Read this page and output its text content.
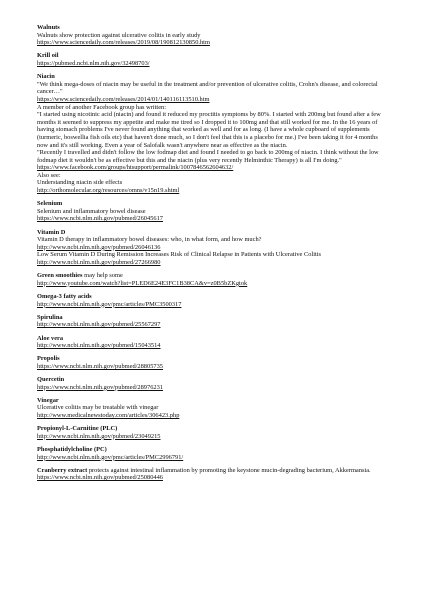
Walnuts
Walnuts show protection against ulcerative colitis in early study
https://www.sciencedaily.com/releases/2019/08/190812130850.htm
Krill oil
https://pubmed.ncbi.nlm.nih.gov/32498703/
Niacin

"We think mega-doses of niacin may be useful in the treatment and/or prevention of ulcerative colitis, Crohn's disease, and colorectal cancer…"

https://www.sciencedaily.com/releases/2014/01/140116113510.htm
A member of another Facebook group has written:

"I started using nicotinic acid (niacin) and found it reduced my proctitis symptoms by 80%. I started with 200mg but found after a few months it seemed to suppress my appetite and make me tired so I dropped it to 100mg and that still worked for me. In the 16 years of having stomach problems I've never found anything that worked as well and for as long. (I have a whole cupboard of supplements (turmeric, boswellia fish oils etc) that haven't done much, so I don't feel that this is a placebo for me.) I've been taking it for 4 months now and it's still working. Even a year of Salofalk wasn't anywhere near as effective as the niacin.

"Recently I travelled and didn't follow the low fodmap diet and found I needed to go back to 200mg of niacin. I think without the low fodmap diet it wouldn't be as effective but this and the niacin (plus very recently Helminthic Therapy) is all I'm doing."

https://www.facebook.com/groups/htsupport/permalink/1007846562604632/
Also see:
Understanding niacin side effects
http://orthomolecular.org/resources/omns/v15n19.shtml
Selenium
Selenium and inflammatory bowel disease
https://www.ncbi.nlm.nih.gov/pubmed/26045617
Vitamin D
Vitamin D therapy in inflammatory bowel diseases: who, in what form, and how much?
http://www.ncbi.nlm.nih.gov/pubmed/26046136
Low Serum Vitamin D During Remission Increases Risk of Clinical Relapse in Patients with Ulcerative Colitis
http://www.ncbi.nlm.nih.gov/pubmed/27266980
Green smoothies may help some
http://www.youtube.com/watch?list=PLED6E24E3FC1B38CA&v=z0B5bZKgtok
Omega-3 fatty acids
http://www.ncbi.nlm.nih.gov/pmc/articles/PMC3500317
Spirulina
http://www.ncbi.nlm.nih.gov/pubmed/25567297
Aloe vera
http://www.ncbi.nlm.nih.gov/pubmed/15043514
Propolis
https://www.ncbi.nlm.nih.gov/pubmed/28805735
Quercetin
https://www.ncbi.nlm.nih.gov/pubmed/28976231
Vinegar
Ulcerative colitis may be treatable with vinegar
http://www.medicalnewstoday.com/articles/306423.php
Propionyl-L-Carnitine (PLC)
http://www.ncbi.nlm.nih.gov/pubmed/23049215
Phosphatidylcholine (PC)
http://www.ncbi.nlm.nih.gov/pmc/articles/PMC2996791/

Cranberry extract protects against intestinal inflammation by promoting the keystone mucin-degrading bacterium, Akkermansia.

https://www.ncbi.nlm.nih.gov/pubmed/25080446
